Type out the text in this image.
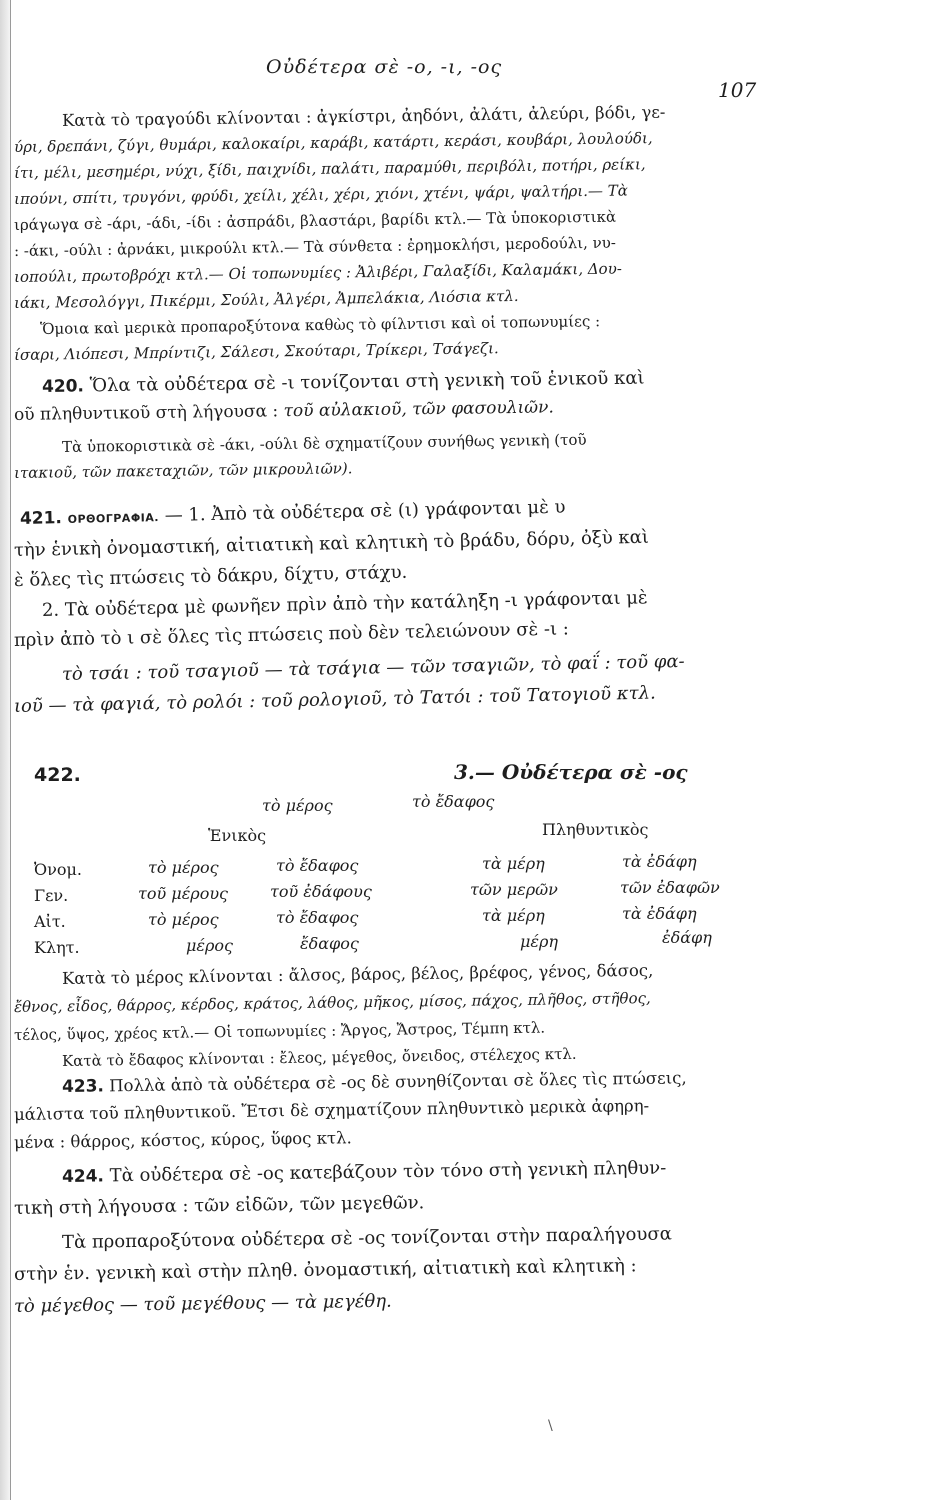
Οὐδέτερα σὲ -ο, -ι, -ος
107
Κατὰ τὸ τραγούδι κλίνονται : ἀγκίστρι, ἀηδόνι, ἀλάτι, ἀλεύρι, βόδι, γε-
ύρι, δρεπάνι, ζύγι, θυμάρι, καλοκαίρι, καράβι, κατάρτι, κεράσι, κουβάρι, λουλούδι,
ίτι, μέλι, μεσημέρι, νύχι, ξίδι, παιχνίδι, παλάτι, παραμύθι, περιβόλι, ποτήρι, ρείκι,
ιπούνι, σπίτι, τρυγόνι, φρύδι, χείλι, χέλι, χέρι, χιόνι, χτένι, ψάρι, ψαλτήρι.— Τὰ
ιράγωγα σὲ -άρι, -άδι, -ίδι : ἀσπράδι, βλαστάρι, βαρίδι κτλ.— Τὰ ὑποκοριστικὰ
: -άκι, -ούλι : ἀρνάκι, μικρούλι κτλ.— Τὰ σύνθετα : ἐρημοκλήσι, μεροδούλι, νυ-
ιοπούλι, πρωτοβρόχι κτλ.— Οἱ τοπωνυμίες : Ἀλιβέρι, Γαλαξίδι, Καλαμάκι, Δου-
ιάκι, Μεσολόγγι, Πικέρμι, Σούλι, Ἀλγέρι, Ἀμπελάκια, Λιόσια κτλ.
Ὅμοια καὶ μερικὰ προπαροξύτονα καθὼς τὸ φίλντισι καὶ οἱ τοπωνυμίες :
ίσαρι, Λιόπεσι, Μπρίντιζι, Σάλεσι, Σκούταρι, Τρίκερι, Τσάγεζι.
420. Ὅλα τὰ οὐδέτερα σὲ -ι τονίζονται στὴ γενικὴ τοῦ ἑνικοῦ καὶ
οῦ πληθυντικοῦ στὴ λήγουσα : τοῦ αὐλακιοῦ, τῶν φασουλιῶν.
Τὰ ὑποκοριστικὰ σὲ -άκι, -ούλι δὲ σχηματίζουν συνήθως γενικὴ (τοῦ
ιτακιοῦ, τῶν πακεταχιῶν, τῶν μικρουλιῶν).
421. ΟΡΘΟΓΡΑΦΙΑ. — 1. Ἀπὸ τὰ οὐδέτερα σὲ (ι) γράφονται μὲ υ
τὴν ἑνικὴ ὀνομαστική, αἰτιατικὴ καὶ κλητικὴ τὸ βράδυ, δόρυ, ὀξὺ καὶ
ὲ ὅλες τὶς πτώσεις τὸ δάκρυ, δίχτυ, στάχυ.
2. Τὰ οὐδέτερα μὲ φωνῆεν πρὶν ἀπὸ τὴν κατάληξη -ι γράφονται μὲ
πρὶν ἀπὸ τὸ ι σὲ ὅλες τὶς πτώσεις ποὺ δὲν τελειώνουν σὲ -ι :
τὸ τσάι : τοῦ τσαγιοῦ — τὰ τσάγια — τῶν τσαγιῶν, τὸ φαΐ : τοῦ φα-
ιοῦ — τὰ φαγιά, τὸ ρολόι : τοῦ ρολογιοῦ, τὸ Τατόι : τοῦ Τατογιοῦ κτλ.
422.	3.— Οὐδέτερα σὲ -ος
τὸ μέρος	τὸ ἔδαφος
Ἑνικὸς	Πληθυντικὸς
Ὀνομ.	τὸ μέρος	τὸ ἔδαφος	τὰ μέρη	τὰ ἐδάφη
Γεν.	τοῦ μέρους	τοῦ ἐδάφους	τῶν μερῶν	τῶν ἐδαφῶν
Αἰτ.	τὸ μέρος	τὸ ἔδαφος	τὰ μέρη	τὰ ἐδάφη
Κλητ.	μέρος	ἔδαφος	μέρη	ἐδάφη
Κατὰ τὸ μέρος κλίνονται : ἄλσος, βάρος, βέλος, βρέφος, γένος, δάσος,
ἔθνος, εἶδος, θάρρος, κέρδος, κράτος, λάθος, μῆκος, μίσος, πάχος, πλῆθος, στῆθος,
τέλος, ὕψος, χρέος κτλ.— Οἱ τοπωνυμίες : Ἄργος, Ἄστρος, Τέμπη κτλ.
Κατὰ τὸ ἔδαφος κλίνονται : ἔλεος, μέγεθος, ὄνειδος, στέλεχος κτλ.
423. Πολλὰ ἀπὸ τὰ οὐδέτερα σὲ -ος δὲ συνηθίζονται σὲ ὅλες τὶς πτώσεις,
μάλιστα τοῦ πληθυντικοῦ. Ἔτσι δὲ σχηματίζουν πληθυντικὸ μερικὰ ἀφηρη-
μένα : θάρρος, κόστος, κύρος, ὕφος κτλ.
424. Τὰ οὐδέτερα σὲ -ος κατεβάζουν τὸν τόνο στὴ γενικὴ πληθυν-
τικὴ στὴ λήγουσα : τῶν εἰδῶν, τῶν μεγεθῶν.
Τὰ προπαροξύτονα οὐδέτερα σὲ -ος τονίζονται στὴν παραλήγουσα
στὴν ἑν. γενικὴ καὶ στὴν πληθ. ὀνομαστική, αἰτιατικὴ καὶ κλητικὴ :
τὸ μέγεθος — τοῦ μεγέθους — τὰ μεγέθη.
\
